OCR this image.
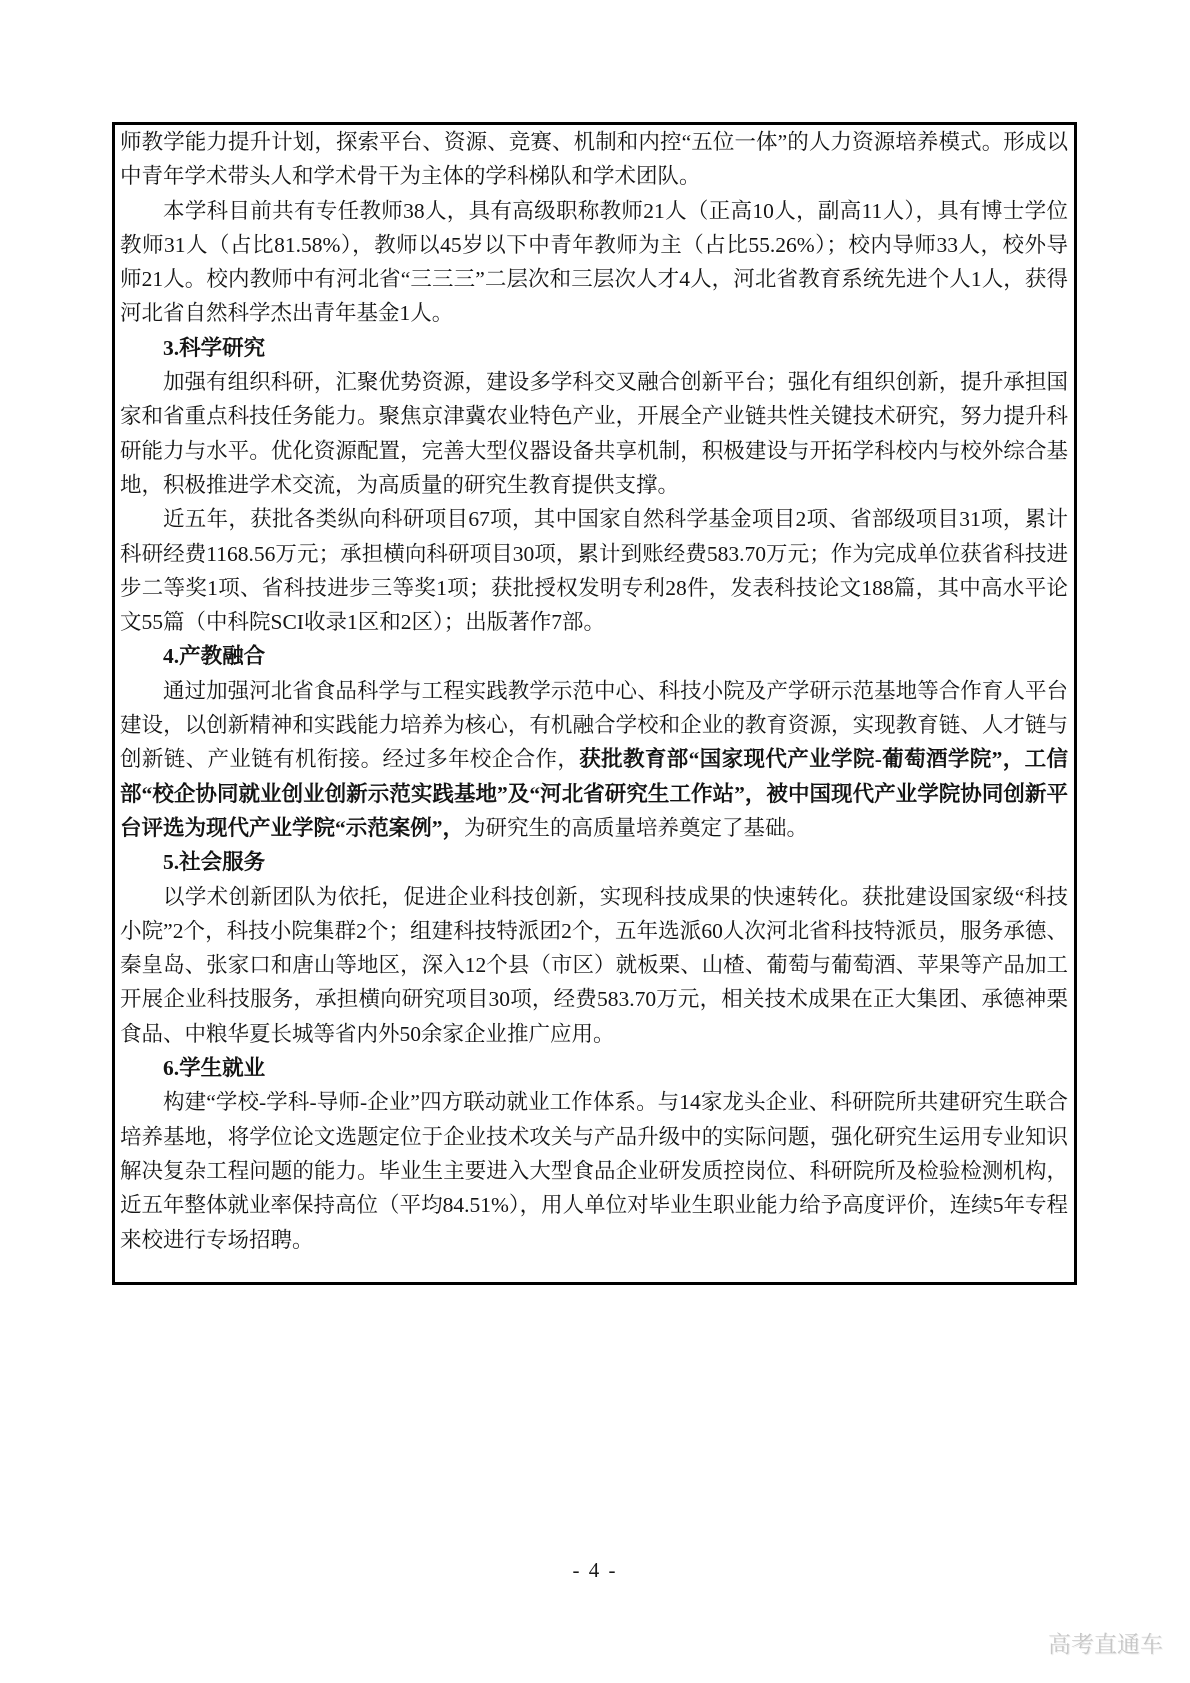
师教学能力提升计划，探索平台、资源、竞赛、机制和内控“五位一体”的人力资源培养模式。形成以中青年学术带头人和学术骨干为主体的学科梯队和学术团队。

本学科目前共有专任教师38人，具有高级职称教师21人（正高10人，副高11人），具有博士学位教师31人（占比81.58%），教师以45岁以下中青年教师为主（占比55.26%）；校内导师33人，校外导师21人。校内教师中有河北省“三三三”二层次和三层次人才4人，河北省教育系统先进个人1人，获得河北省自然科学杰出青年基金1人。

3.科学研究

加强有组织科研，汇聚优势资源，建设多学科交叉融合创新平台；强化有组织创新，提升承担国家和省重点科技任务能力。聚焦京津冀农业特色产业，开展全产业链共性关键技术研究，努力提升科研能力与水平。优化资源配置，完善大型仪器设备共享机制，积极建设与开拓学科校内与校外综合基地，积极推进学术交流，为高质量的研究生教育提供支撑。

近五年，获批各类纵向科研项目67项，其中国家自然科学基金项目2项、省部级项目31项，累计科研经费1168.56万元；承担横向科研项目30项，累计到账经费583.70万元；作为完成单位获省科技进步二等奖1项、省科技进步三等奖1项；获批授权发明专利28件，发表科技论文188篇，其中高水平论文55篇（中科院SCI收录1区和2区）；出版著作7部。

4.产教融合

通过加强河北省食品科学与工程实践教学示范中心、科技小院及产学研示范基地等合作育人平台建设，以创新精神和实践能力培养为核心，有机融合学校和企业的教育资源，实现教育链、人才链与创新链、产业链有机衔接。经过多年校企合作，获批教育部“国家现代产业学院-葡萄酒学院”，工信部“校企协同就业创业创新示范实践基地”及“河北省研究生工作站”，被中国现代产业学院协同创新平台评选为现代产业学院“示范案例”，为研究生的高质量培养奠定了基础。

5.社会服务

以学术创新团队为依托，促进企业科技创新，实现科技成果的快速转化。获批建设国家级“科技小院”2个，科技小院集群2个；组建科技特派团2个，五年选派60人次河北省科技特派员，服务承德、秦皇岛、张家口和唐山等地区，深入12个县（市区）就板栗、山楂、葡萄与葡萄酒、苹果等产品加工开展企业科技服务，承担横向研究项目30项，经费583.70万元，相关技术成果在正大集团、承德神栗食品、中粮华夏长城等省内外50余家企业推广应用。

6.学生就业

构建“学校-学科-导师-企业”四方联动就业工作体系。与14家龙头企业、科研院所共建研究生联合培养基地，将学位论文选题定位于企业技术攻关与产品升级中的实际问题，强化研究生运用专业知识解决复杂工程问题的能力。毕业生主要进入大型食品企业研发质控岗位、科研院所及检验检测机构，近五年整体就业率保持高位（平均84.51%），用人单位对毕业生职业能力给予高度评价，连续5年专程来校进行专场招聘。

- 4 -
高考直通车
